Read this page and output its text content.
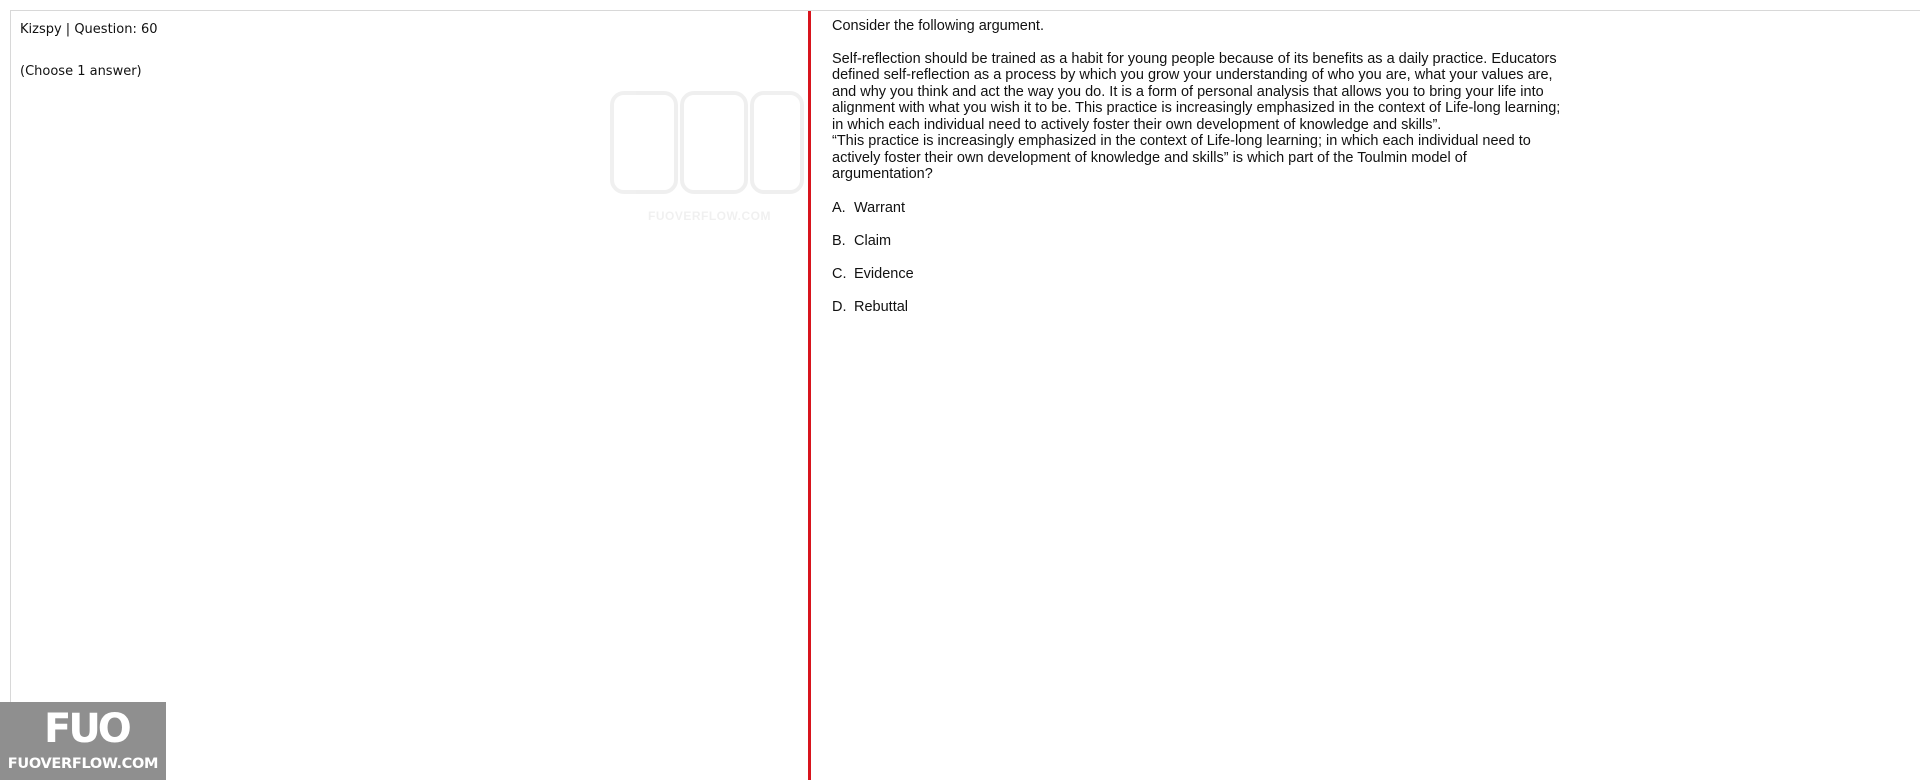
Kizspy | Question: 60
(Choose 1 answer)
FUOVERFLOW.COM

Consider the following argument.

Self-reflection should be trained as a habit for young people because of its benefits as a daily practice. Educators defined self-reflection as a process by which you grow your understanding of who you are, what your values are, and why you think and act the way you do. It is a form of personal analysis that allows you to bring your life into alignment with what you wish it to be. This practice is increasingly emphasized in the context of Life-long learning; in which each individual need to actively foster their own development of knowledge and skills”.

“This practice is increasingly emphasized in the context of Life-long learning; in which each individual need to actively foster their own development of knowledge and skills” is which part of the Toulmin model of argumentation?

A. Warrant
B. Claim
C. Evidence
D. Rebuttal
FUO
FUOVERFLOW.COM
